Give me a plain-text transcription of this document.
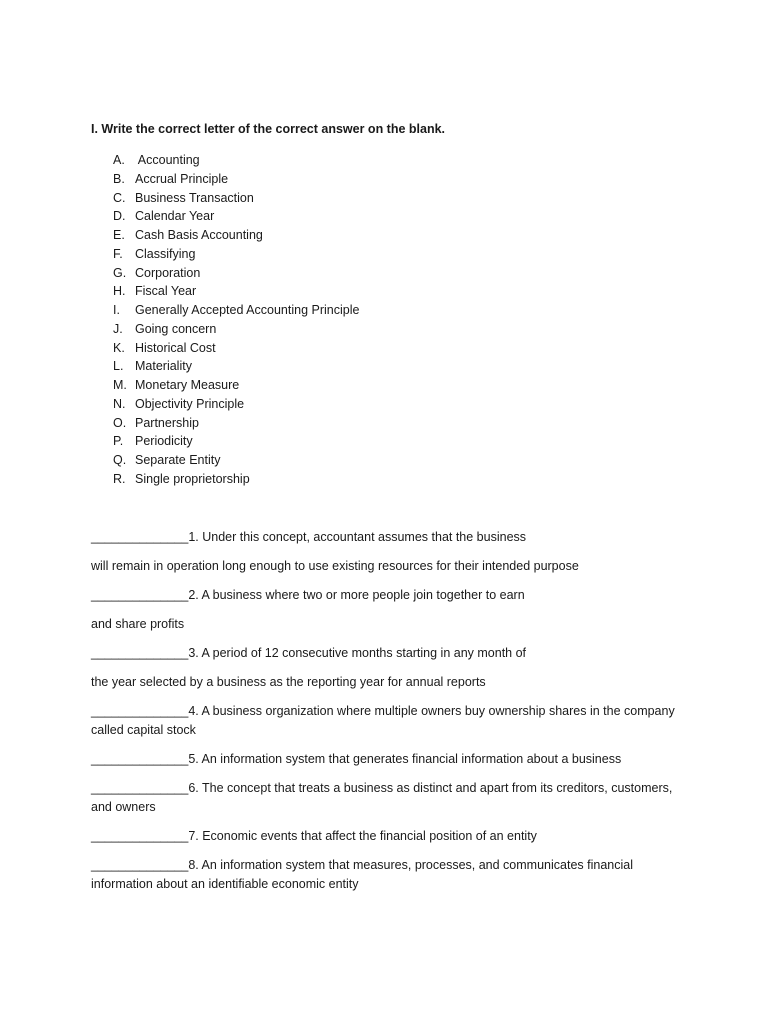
I. Write the correct letter of the correct answer on the blank.

A. Accounting
B. Accrual Principle
C. Business Transaction
D. Calendar Year
E. Cash Basis Accounting
F. Classifying
G. Corporation
H. Fiscal Year
I. Generally Accepted Accounting Principle
J. Going concern
K. Historical Cost
L. Materiality
M. Monetary Measure
N. Objectivity Principle
O. Partnership
P. Periodicity
Q. Separate Entity
R. Single proprietorship
______________1. Under this concept, accountant assumes that the business
will remain in operation long enough to use existing resources for their intended purpose
______________2. A business where two or more people join together to earn
and share profits
______________3. A period of 12 consecutive months starting in any month of
the year selected by a business as the reporting year for annual reports
______________4. A business organization where multiple owners buy ownership shares in the company
called capital stock
______________5. An information system that generates financial information about a business
______________6. The concept that treats a business as distinct and apart from its creditors, customers,
and owners
______________7. Economic events that affect the financial position of an entity
______________8. An information system that measures, processes, and communicates financial
information about an identifiable economic entity
